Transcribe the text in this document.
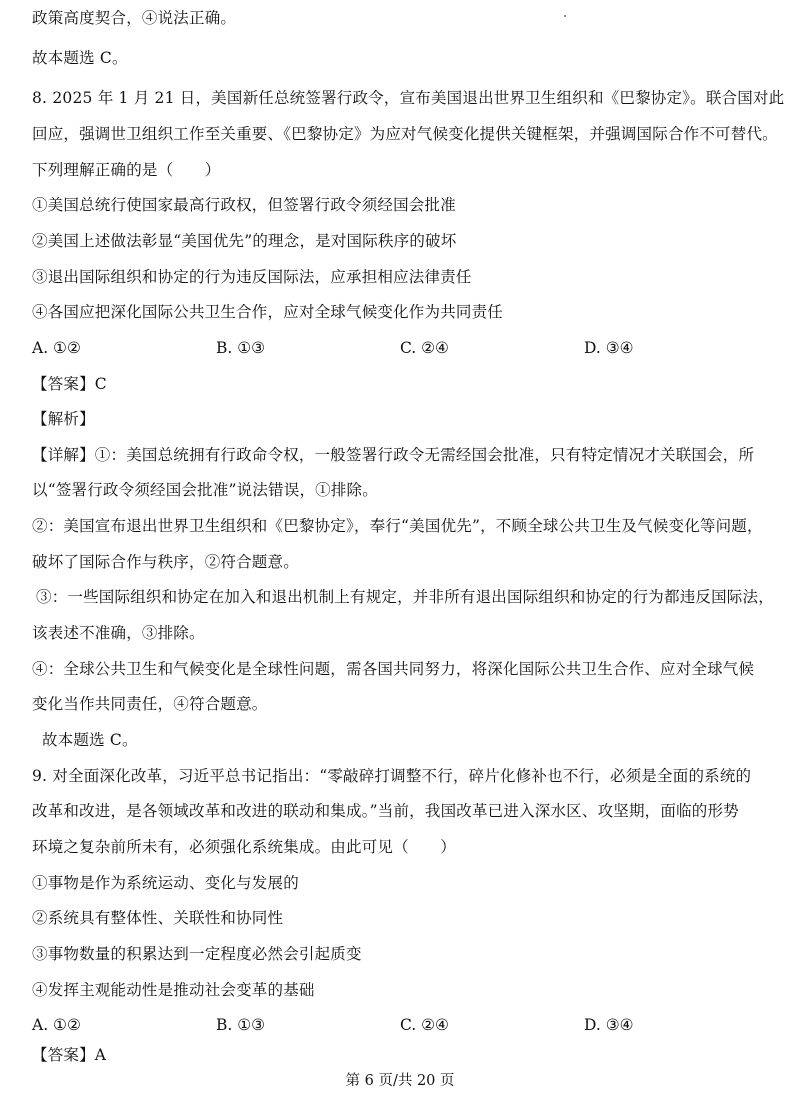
政策高度契合，④说法正确。
故本题选 C。
8. 2025 年 1 月 21 日，美国新任总统签署行政令，宣布美国退出世界卫生组织和《巴黎协定》。联合国对此
回应，强调世卫组织工作至关重要、《巴黎协定》为应对气候变化提供关键框架，并强调国际合作不可替代。
下列理解正确的是（　　）
①美国总统行使国家最高行政权，但签署行政令须经国会批准
②美国上述做法彰显“美国优先”的理念，是对国际秩序的破坏
③退出国际组织和协定的行为违反国际法，应承担相应法律责任
④各国应把深化国际公共卫生合作，应对全球气候变化作为共同责任
A. ①②	B. ①③	C. ②④	D. ③④
【答案】C
【解析】
【详解】①：美国总统拥有行政命令权，一般签署行政令无需经国会批准，只有特定情况才关联国会，所
以“签署行政令须经国会批准”说法错误，①排除。
②：美国宣布退出世界卫生组织和《巴黎协定》，奉行“美国优先”，不顾全球公共卫生及气候变化等问题，
破坏了国际合作与秩序，②符合题意。
③：一些国际组织和协定在加入和退出机制上有规定，并非所有退出国际组织和协定的行为都违反国际法，
该表述不准确，③排除。
④：全球公共卫生和气候变化是全球性问题，需各国共同努力，将深化国际公共卫生合作、应对全球气候
变化当作共同责任，④符合题意。
故本题选 C。
9. 对全面深化改革，习近平总书记指出：“零敲碎打调整不行，碎片化修补也不行，必须是全面的系统的
改革和改进，是各领域改革和改进的联动和集成。”当前，我国改革已进入深水区、攻坚期，面临的形势
环境之复杂前所未有，必须强化系统集成。由此可见（　　）
①事物是作为系统运动、变化与发展的
②系统具有整体性、关联性和协同性
③事物数量的积累达到一定程度必然会引起质变
④发挥主观能动性是推动社会变革的基础
A. ①②	B. ①③	C. ②④	D. ③④
【答案】A
第 6 页/共 20 页
